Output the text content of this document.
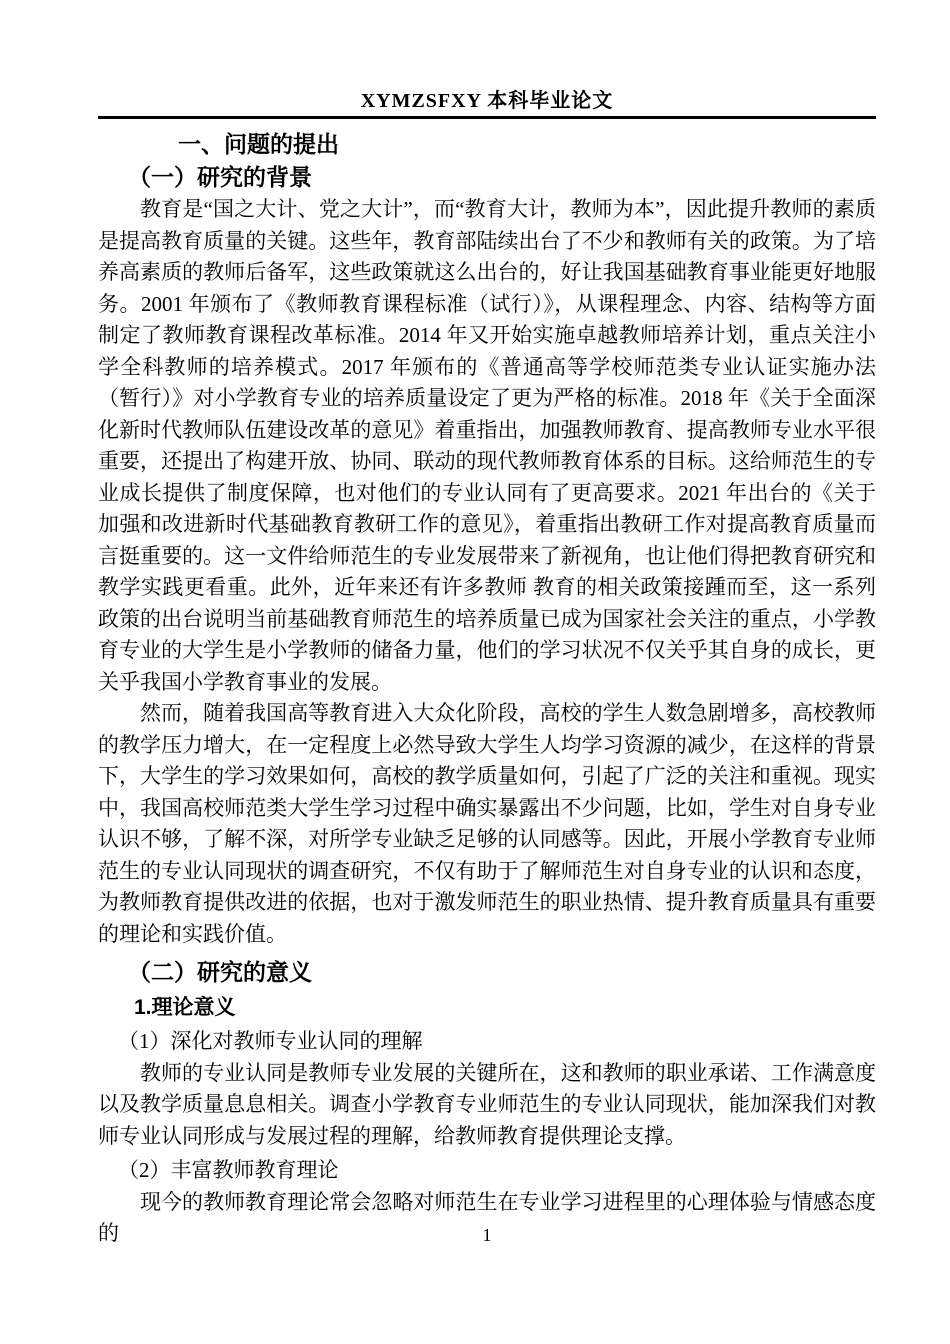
XYMZSFXY 本科毕业论文
一、问题的提出
（一）研究的背景

教育是“国之大计、党之大计”，而“教育大计，教师为本”，因此提升教师的素质是提高教育质量的关键。这些年，教育部陆续出台了不少和教师有关的政策。为了培养高素质的教师后备军，这些政策就这么出台的，好让我国基础教育事业能更好地服务。2001 年颁布了《教师教育课程标准（试行）》，从课程理念、内容、结构等方面制定了教师教育课程改革标准。2014 年又开始实施卓越教师培养计划，重点关注小学全科教师的培养模式。2017 年颁布的《普通高等学校师范类专业认证实施办法（暂行）》对小学教育专业的培养质量设定了更为严格的标准。2018 年《关于全面深化新时代教师队伍建设改革的意见》着重指出，加强教师教育、提高教师专业水平很重要，还提出了构建开放、协同、联动的现代教师教育体系的目标。这给师范生的专业成长提供了制度保障，也对他们的专业认同有了更高要求。2021 年出台的《关于加强和改进新时代基础教育教研工作的意见》，着重指出教研工作对提高教育质量而言挺重要的。这一文件给师范生的专业发展带来了新视角，也让他们得把教育研究和教学实践更看重。此外，近年来还有许多教师 教育的相关政策接踵而至，这一系列政策的出台说明当前基础教育师范生的培养质量已成为国家社会关注的重点，小学教育专业的大学生是小学教师的储备力量，他们的学习状况不仅关乎其自身的成长，更关乎我国小学教育事业的发展。

然而，随着我国高等教育进入大众化阶段，高校的学生人数急剧增多，高校教师的教学压力增大，在一定程度上必然导致大学生人均学习资源的减少，在这样的背景下，大学生的学习效果如何，高校的教学质量如何，引起了广泛的关注和重视。现实中，我国高校师范类大学生学习过程中确实暴露出不少问题，比如，学生对自身专业认识不够，了解不深，对所学专业缺乏足够的认同感等。因此，开展小学教育专业师范生的专业认同现状的调查研究，不仅有助于了解师范生对自身专业的认识和态度，为教师教育提供改进的依据，也对于激发师范生的职业热情、提升教育质量具有重要的理论和实践价值。

（二）研究的意义
1.理论意义
（1）深化对教师专业认同的理解

教师的专业认同是教师专业发展的关键所在，这和教师的职业承诺、工作满意度以及教学质量息息相关。调查小学教育专业师范生的专业认同现状，能加深我们对教师专业认同形成与发展过程的理解，给教师教育提供理论支撑。

（2）丰富教师教育理论

现今的教师教育理论常会忽略对师范生在专业学习进程里的心理体验与情感态度的	1
